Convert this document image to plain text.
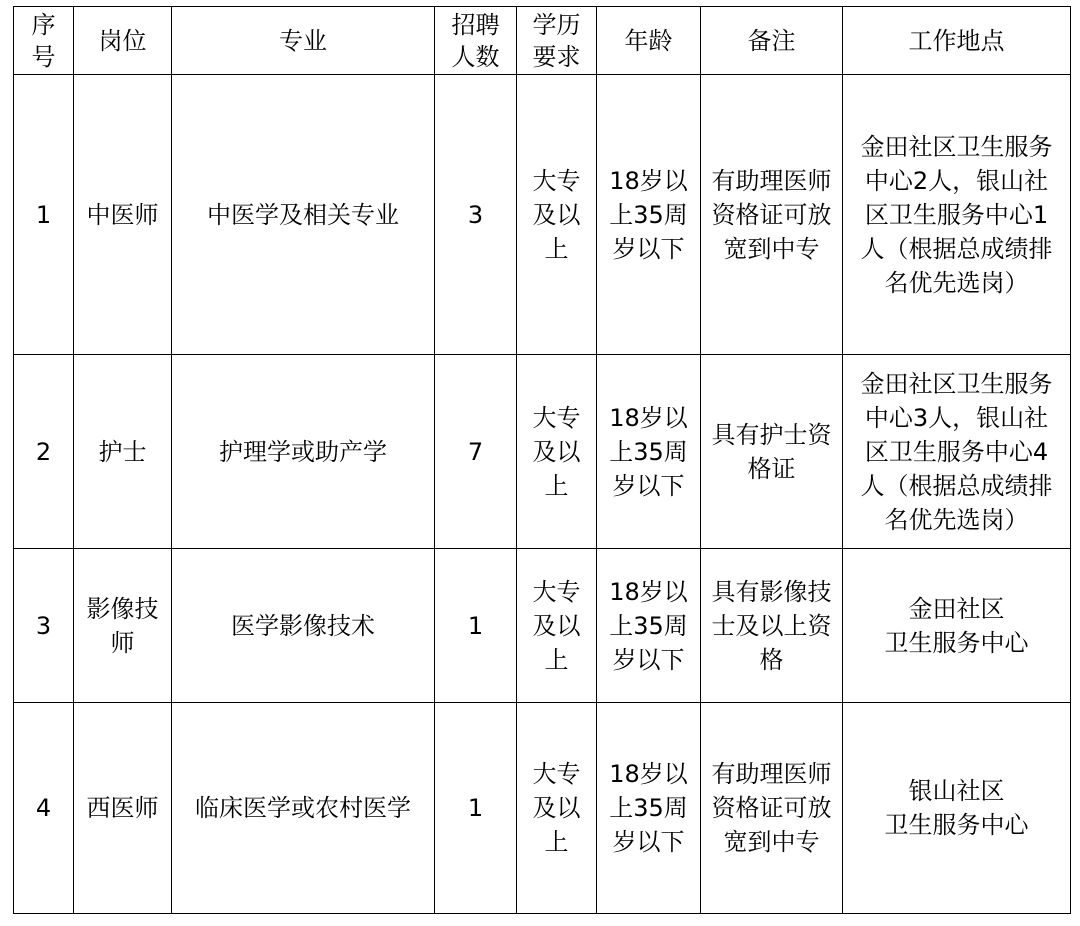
序
号	岗位	专业	招聘
人数	学历
要求	年龄	备注	工作地点
1	中医师	中医学及相关专业	3	大专
及以
上	18岁以
上35周
岁以下	有助理医师
资格证可放
宽到中专	金田社区卫生服务
中心2人，银山社
区卫生服务中心1
人（根据总成绩排
名优先选岗）
2	护士	护理学或助产学	7	大专
及以
上	18岁以
上35周
岁以下	具有护士资
格证	金田社区卫生服务
中心3人，银山社
区卫生服务中心4
人（根据总成绩排
名优先选岗）
3	影像技
师	医学影像技术	1	大专
及以
上	18岁以
上35周
岁以下	具有影像技
士及以上资
格	金田社区
卫生服务中心
4	西医师	临床医学或农村医学	1	大专
及以
上	18岁以
上35周
岁以下	有助理医师
资格证可放
宽到中专	银山社区
卫生服务中心
